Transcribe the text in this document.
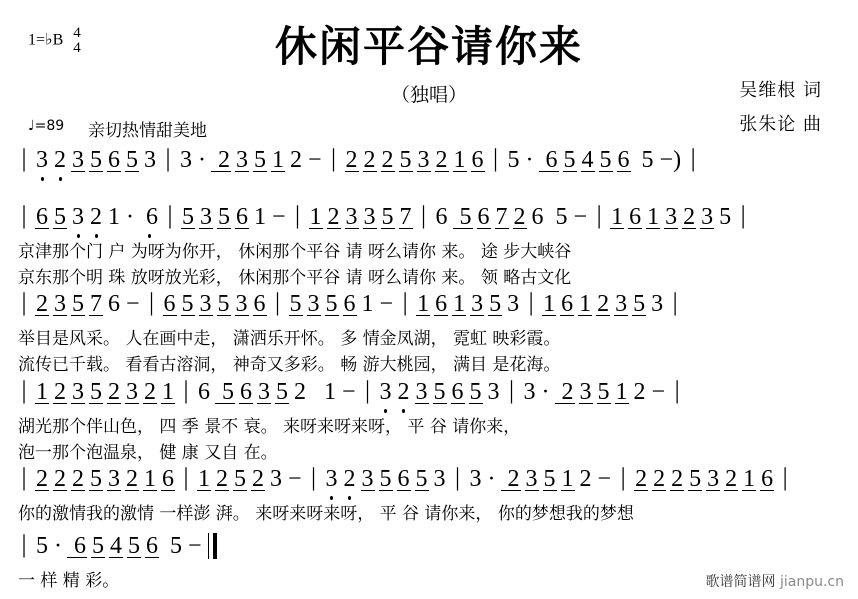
1=♭B 4
4	休闲平谷请你来
（独唱）	吴维根 词
张朱论 曲
♩=89 亲切热情甜美地
| 3 2 3 5 6 5 3 | 3 ·  2 3 5 1 2 − | 2 2 2 5 3 2 1 6 | 5 ·  6 5 4 5 6  5 −) |
| 6 5 3 2 1 ·  6 | 5 3 5 6 1 − | 1 2 3 3 5 7 | 6  5 6 7 2 6  5 − | 1 6 1 3 2 3 5 |
京津那个门 户 为呀为你开， 休闲那个平谷 请 呀么请你 来。 途 步大峡谷
京东那个明 珠 放呀放光彩， 休闲那个平谷 请 呀么请你 来。 领 略古文化
| 2 3 5 7 6 − | 6 5 3 5 3 6 | 5 3 5 6 1 − | 1 6 1 3 5 3 | 1 6 1 2 3 5 3 |
举目是风采。 人在画中走， 潇洒乐开怀。 多 情金凤湖， 霓虹 映彩霞。
流传已千载。 看看古溶洞， 神奇又多彩。 畅 游大桃园， 满目 是花海。
| 1 2 3 5 2 3 2 1 | 6  5 6 3 5 2   1 − | 3 2 3 5 6 5 3 | 3 ·  2 3 5 1 2 − |
湖光那个伴山色， 四 季 景不 衰。 来呀来呀来呀， 平 谷 请你来，
泡一那个泡温泉， 健 康 又自 在。
| 2 2 2 5 3 2 1 6 | 1 2 5 2 3 − | 3 2 3 5 6 5 3 | 3 ·  2 3 5 1 2 − | 2 2 2 5 3 2 1 6 |
你的激情我的激情 一样澎 湃。 来呀来呀来呀， 平 谷 请你来， 你的梦想我的梦想
| 5 ·  6 5 4 5 6  5 −
一 样 精 彩。	歌谱简谱网 jianpu.cn
